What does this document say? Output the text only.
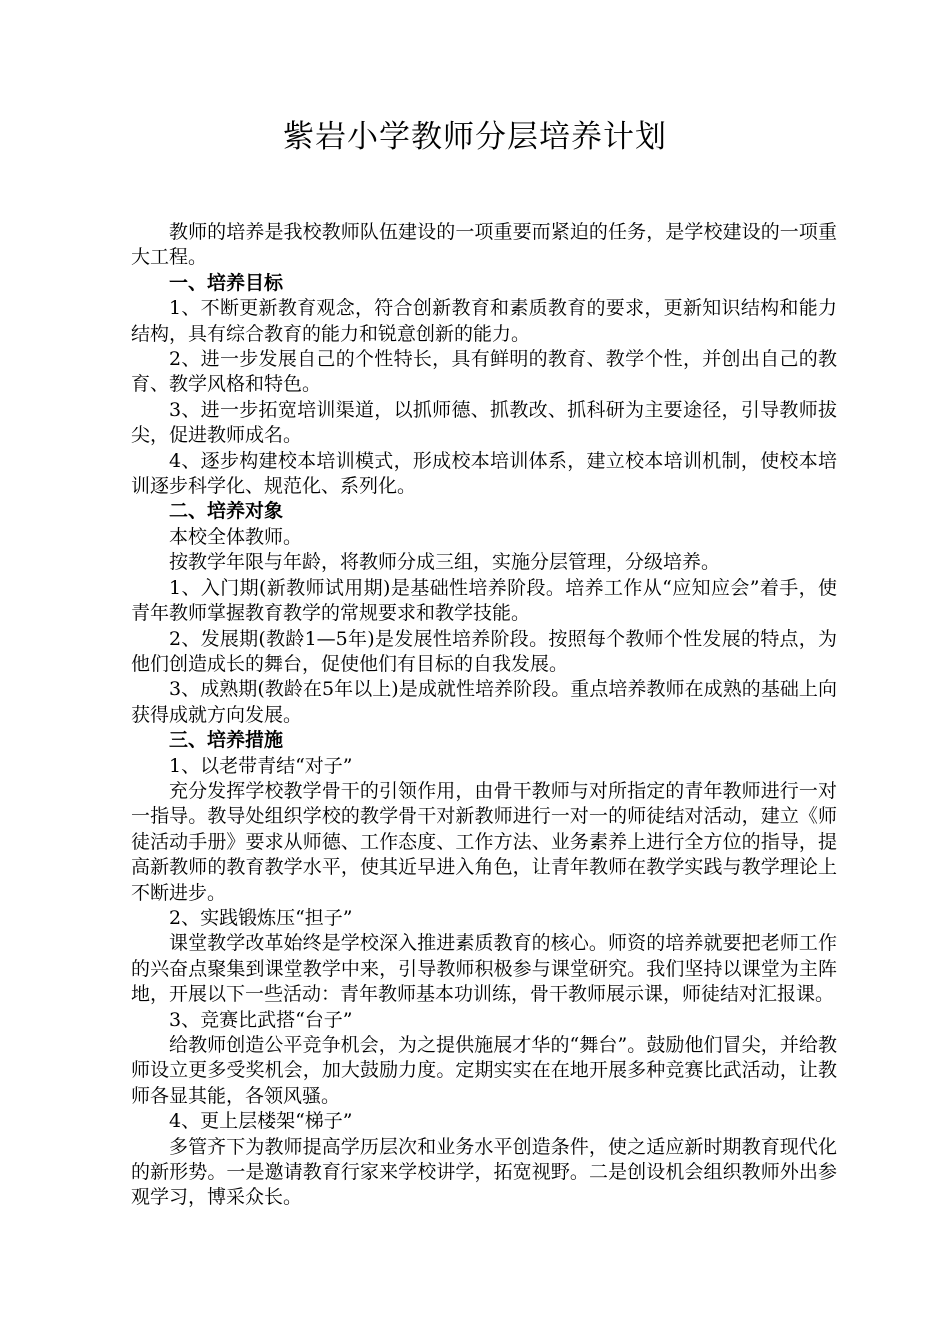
紫岩小学教师分层培养计划

教师的培养是我校教师队伍建设的一项重要而紧迫的任务，是学校建设的一项重大工程。

一、培养目标

1、不断更新教育观念，符合创新教育和素质教育的要求，更新知识结构和能力结构，具有综合教育的能力和锐意创新的能力。

2、进一步发展自己的个性特长，具有鲜明的教育、教学个性，并创出自己的教育、教学风格和特色。

3、进一步拓宽培训渠道，以抓师德、抓教改、抓科研为主要途径，引导教师拔尖，促进教师成名。

4、逐步构建校本培训模式，形成校本培训体系，建立校本培训机制，使校本培训逐步科学化、规范化、系列化。

二、培养对象

本校全体教师。

按教学年限与年龄，将教师分成三组，实施分层管理，分级培养。

1、入门期(新教师试用期)是基础性培养阶段。培养工作从“应知应会”着手，使青年教师掌握教育教学的常规要求和教学技能。

2、发展期(教龄1—5年)是发展性培养阶段。按照每个教师个性发展的特点，为他们创造成长的舞台，促使他们有目标的自我发展。

3、成熟期(教龄在5年以上)是成就性培养阶段。重点培养教师在成熟的基础上向获得成就方向发展。

三、培养措施

1、以老带青结“对子”

充分发挥学校教学骨干的引领作用，由骨干教师与对所指定的青年教师进行一对一指导。教导处组织学校的教学骨干对新教师进行一对一的师徒结对活动，建立《师徒活动手册》要求从师德、工作态度、工作方法、业务素养上进行全方位的指导，提高新教师的教育教学水平，使其近早进入角色，让青年教师在教学实践与教学理论上不断进步。

2、实践锻炼压“担子”

课堂教学改革始终是学校深入推进素质教育的核心。师资的培养就要把老师工作的兴奋点聚集到课堂教学中来，引导教师积极参与课堂研究。我们坚持以课堂为主阵地，开展以下一些活动：青年教师基本功训练，骨干教师展示课，师徒结对汇报课。

3、竞赛比武搭“台子”

给教师创造公平竞争机会，为之提供施展才华的“舞台”。鼓励他们冒尖，并给教师设立更多受奖机会，加大鼓励力度。定期实实在在地开展多种竞赛比武活动，让教师各显其能，各领风骚。

4、更上层楼架“梯子”

多管齐下为教师提高学历层次和业务水平创造条件，使之适应新时期教育现代化的新形势。一是邀请教育行家来学校讲学，拓宽视野。二是创设机会组织教师外出参观学习，博采众长。
